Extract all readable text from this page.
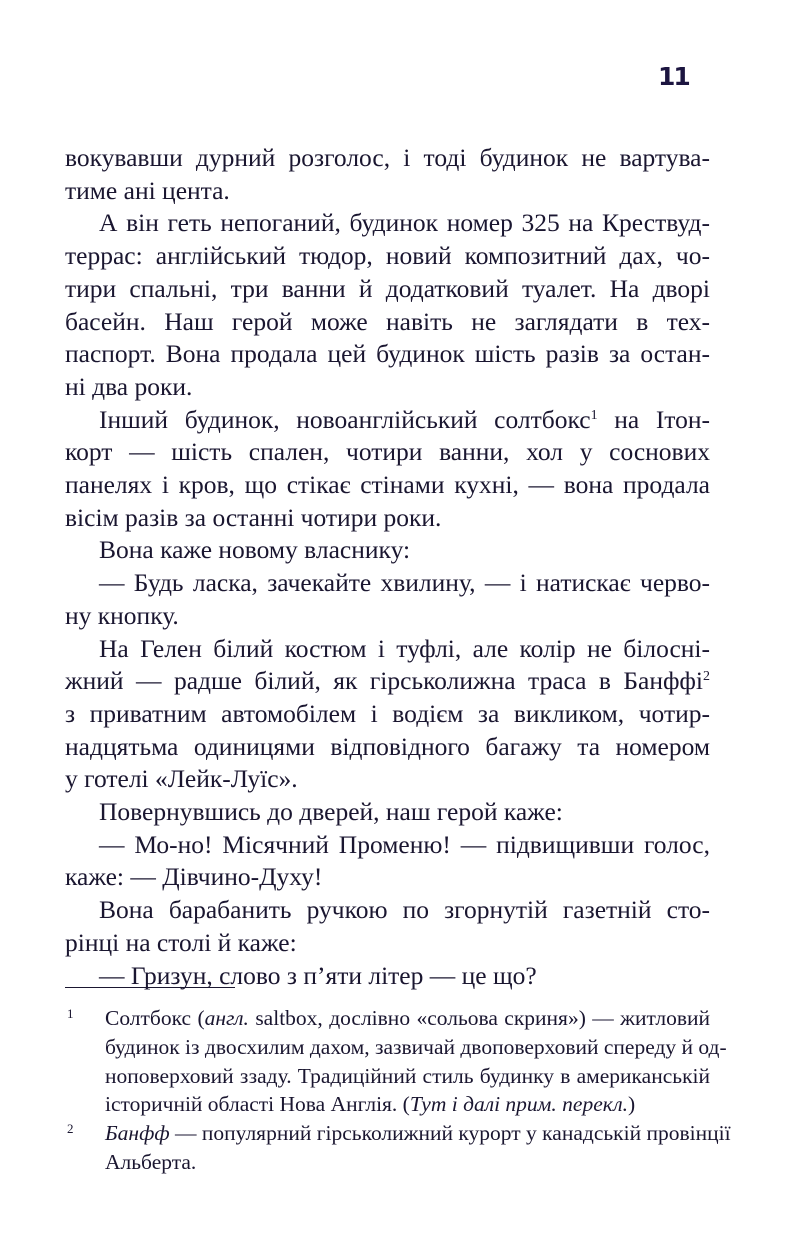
11
вокувавши дурний розголос, і тоді будинок не вартува-
тиме ані цента.
А він геть непоганий, будинок номер 325 на Крествуд-
террас: англійський тюдор, новий композитний дах, чо-
тири спальні, три ванни й додатковий туалет. На дворі
басейн. Наш герой може навіть не заглядати в тех-
паспорт. Вона продала цей будинок шість разів за остан-
ні два роки.
Інший будинок, новоанглійський солтбокс$^1$ на Ітон-
корт — шість спален, чотири ванни, хол у соснових
панелях і кров, що стікає стінами кухні, — вона продала
вісім разів за останні чотири роки.
Вона каже новому власнику:
— Будь ласка, зачекайте хвилину, — і натискає черво-
ну кнопку.
На Гелен білий костюм і туфлі, але колір не білосні-
жний — радше білий, як гірськолижна траса в Банффі$^2$
з приватним автомобілем і водієм за викликом, чотир-
надцятьма одиницями відповідного багажу та номером
у готелі «Лейк-Луїс».
Повернувшись до дверей, наш герой каже:
— Мо-но! Місячний Променю! — підвищивши голос,
каже: — Дівчино-Духу!
Вона барабанить ручкою по згорнутій газетній сто-
рінці на столі й каже:
— Гризун, слово з п’яти літер — це що?
1 Солтбокс (англ. saltbox, дослівно «сольова скриня») — житловий
будинок із двосхилим дахом, зазвичай двоповерховий спереду й од-
ноповерховий ззаду. Традиційний стиль будинку в американській
історичній області Нова Англія. (Тут і далі прим. перекл.)
2 Банфф — популярний гірськолижний курорт у канадській провінції
Альберта.
